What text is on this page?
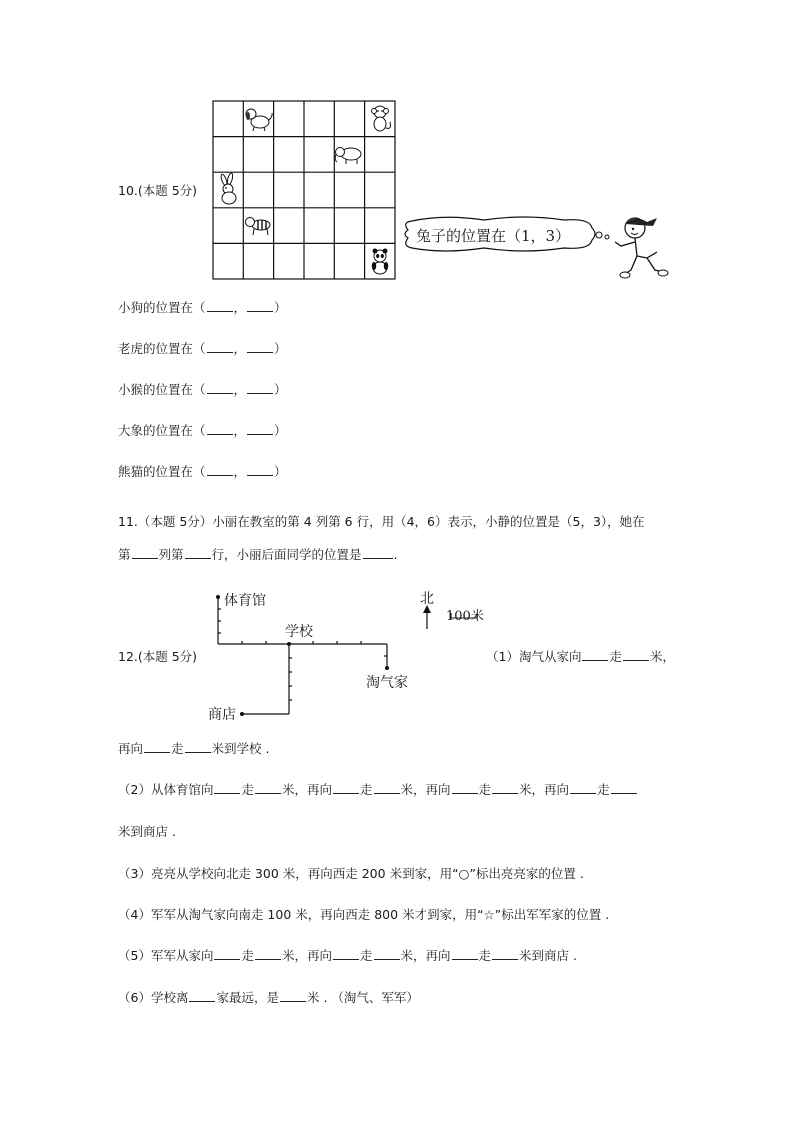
10.(本题 5分)
兔子的位置在（1，3）
小狗的位置在（ ， ）
老虎的位置在（ ， ）
小猴的位置在（ ， ）
大象的位置在（ ， ）
熊猫的位置在（ ， ）
11.（本题 5分）小丽在教室的第 4 列第 6 行，用（4，6）表示，小静的位置是（5，3），她在
第 列第 行，小丽后面同学的位置是	.
12.(本题 5分)
体育馆
学校
淘气家
商店
北
100米
（1）淘气从家向 走 米，
再向 走 米到学校 .
（2）从体育馆向 走 米，再向 走 米，再向 走 米，再向 走
米到商店 .
（3）亮亮从学校向北走 300 米，再向西走 200 米到家，用“○”标出亮亮家的位置 .
（4）军军从淘气家向南走 100 米，再向西走 800 米才到家，用“☆”标出军军家的位置 .
（5）军军从家向 走 米，再向 走 米，再向 走 米到商店 .
（6）学校离 家最远，是 米 . （淘气、军军）
